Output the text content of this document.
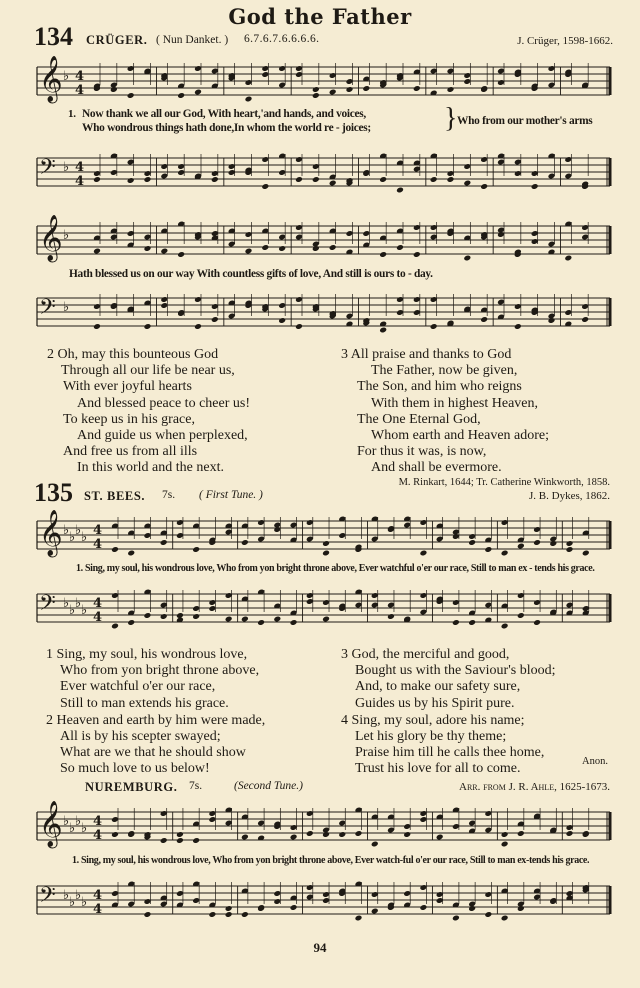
God the Father
134 CRÜGER. ( Nun Danket. ) 6.7.6.7.6.6.6.6.	J. Crüger, 1598-1662.
𝄞 ♭ 4
4
1. Now thank we all our God, With heart,'and hands, and voices,
Who wondrous things hath done,In whom the world re - joices;	} Who from our mother's arms
𝄢 ♭ 4
4
𝄞 ♭
Hath blessed us on our way With countless gifts of love, And still is ours to - day.
𝄢 ♭
2 Oh, may this bounteous God
Through all our life be near us,
With ever joyful hearts
And blessed peace to cheer us!
To keep us in his grace,
And guide us when perplexed,
And free us from all ills
In this world and the next.
3 All praise and thanks to God
The Father, now be given,
The Son, and him who reigns
With them in highest Heaven,
The One Eternal God,
Whom earth and Heaven adore;
For thus it was, is now,
And shall be evermore.
M. Rinkart, 1644; Tr. Catherine Winkworth, 1858.
135 ST. BEES. 7s. ( First Tune. )	J. B. Dykes, 1862.
𝄞 ♭ ♭ ♭ ♭ 4
4
1. Sing, my soul, his wondrous love, Who from yon bright throne above, Ever watchful o'er our race, Still to man ex - tends his grace.
𝄢 ♭ ♭ ♭ ♭ 4
4
1 Sing, my soul, his wondrous love,
Who from yon bright throne above,
Ever watchful o'er our race,
Still to man extends his grace.
2 Heaven and earth by him were made,
All is by his scepter swayed;
What are we that he should show
So much love to us below!
3 God, the merciful and good,
Bought us with the Saviour's blood;
And, to make our safety sure,
Guides us by his Spirit pure.
4 Sing, my soul, adore his name;
Let his glory be thy theme;
Praise him till he calls thee home,
Trust his love for all to come.	Anon.
NUREMBURG. 7s.	(Second Tune.)	Arr. from J. R. Ahle, 1625-1673.
𝄞 ♭ ♭ ♭ ♭ 4
4
1. Sing, my soul, his wondrous love, Who from yon bright throne above, Ever watch-ful o'er our race, Still to man ex-tends his grace.
𝄢 ♭ ♭ ♭ ♭ 4
4
94
